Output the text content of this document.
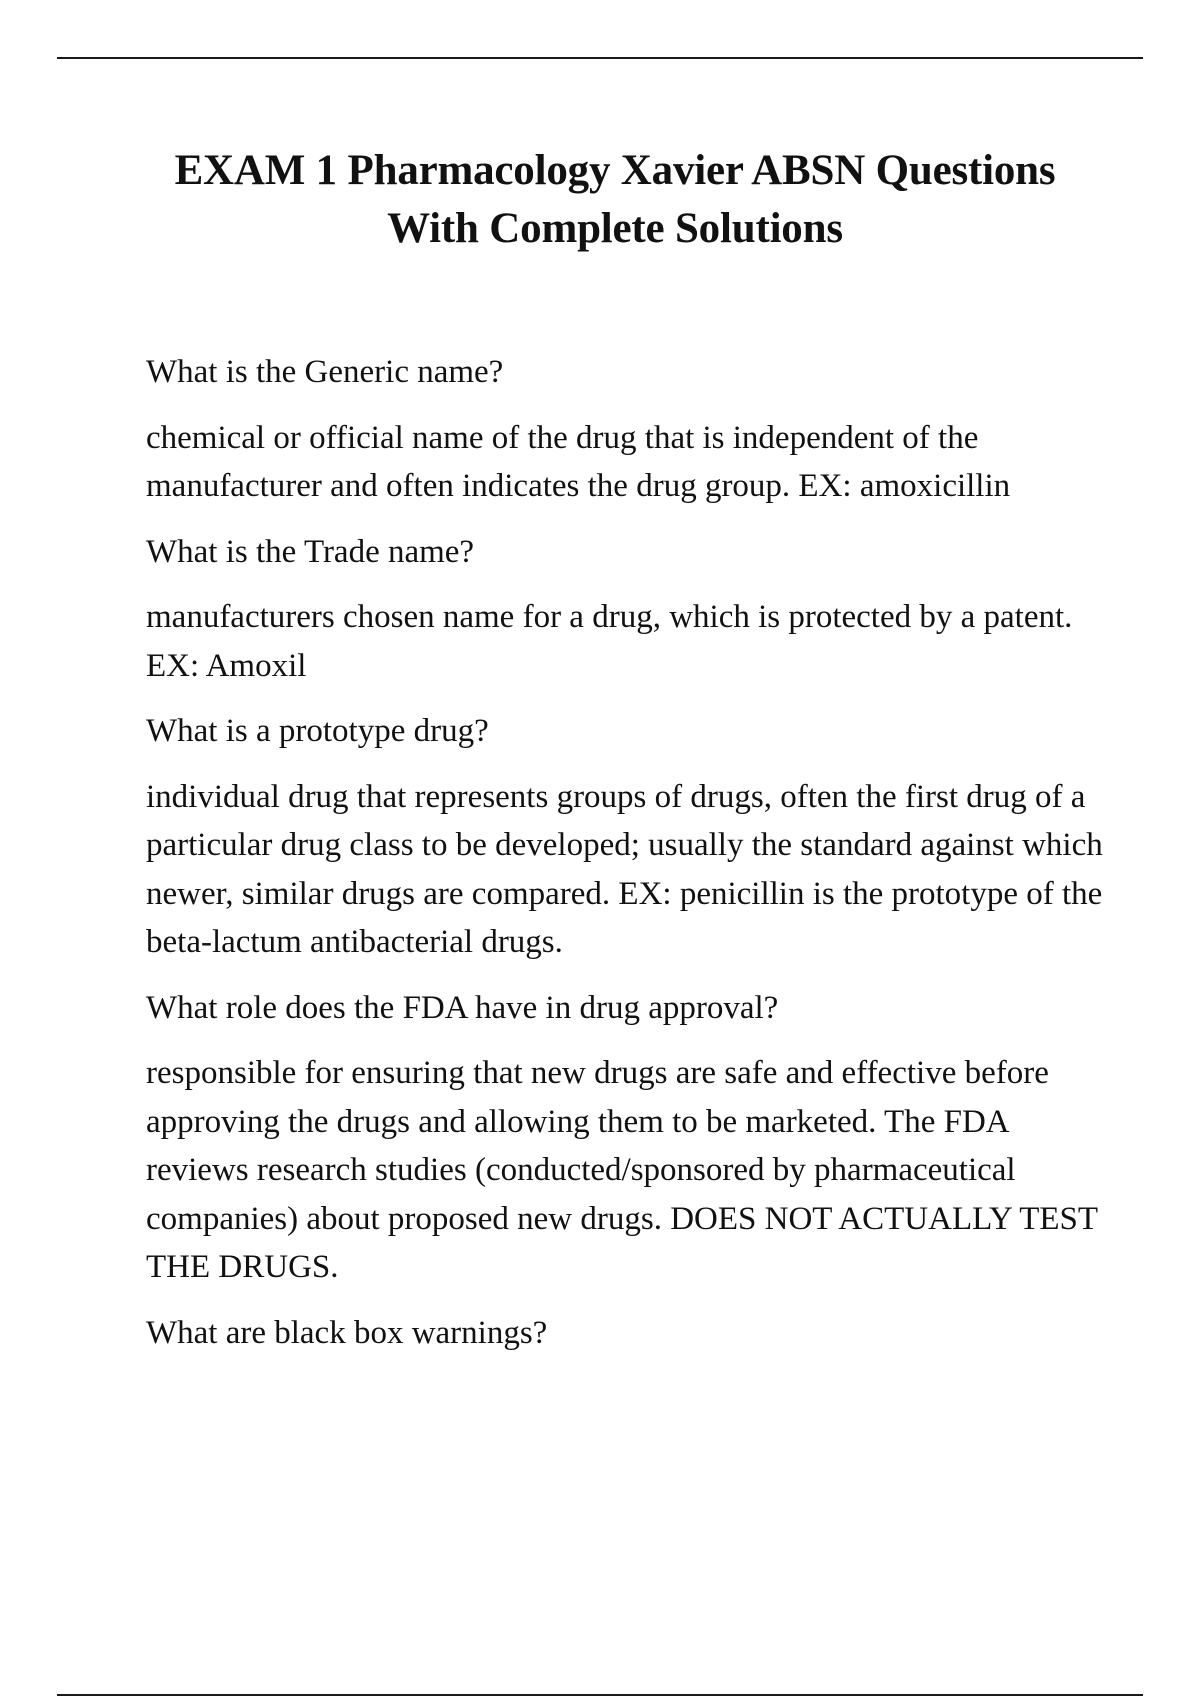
EXAM 1 Pharmacology Xavier ABSN Questions
With Complete Solutions

What is the Generic name?

chemical or official name of the drug that is independent of the manufacturer and often indicates the drug group. EX: amoxicillin

What is the Trade name?

manufacturers chosen name for a drug, which is protected by a patent. EX: Amoxil

What is a prototype drug?

individual drug that represents groups of drugs, often the first drug of a particular drug class to be developed; usually the standard against which newer, similar drugs are compared. EX: penicillin is the prototype of the beta-lactum antibacterial drugs.

What role does the FDA have in drug approval?

responsible for ensuring that new drugs are safe and effective before approving the drugs and allowing them to be marketed. The FDA reviews research studies (conducted/sponsored by pharmaceutical companies) about proposed new drugs. DOES NOT ACTUALLY TEST THE DRUGS.

What are black box warnings?
